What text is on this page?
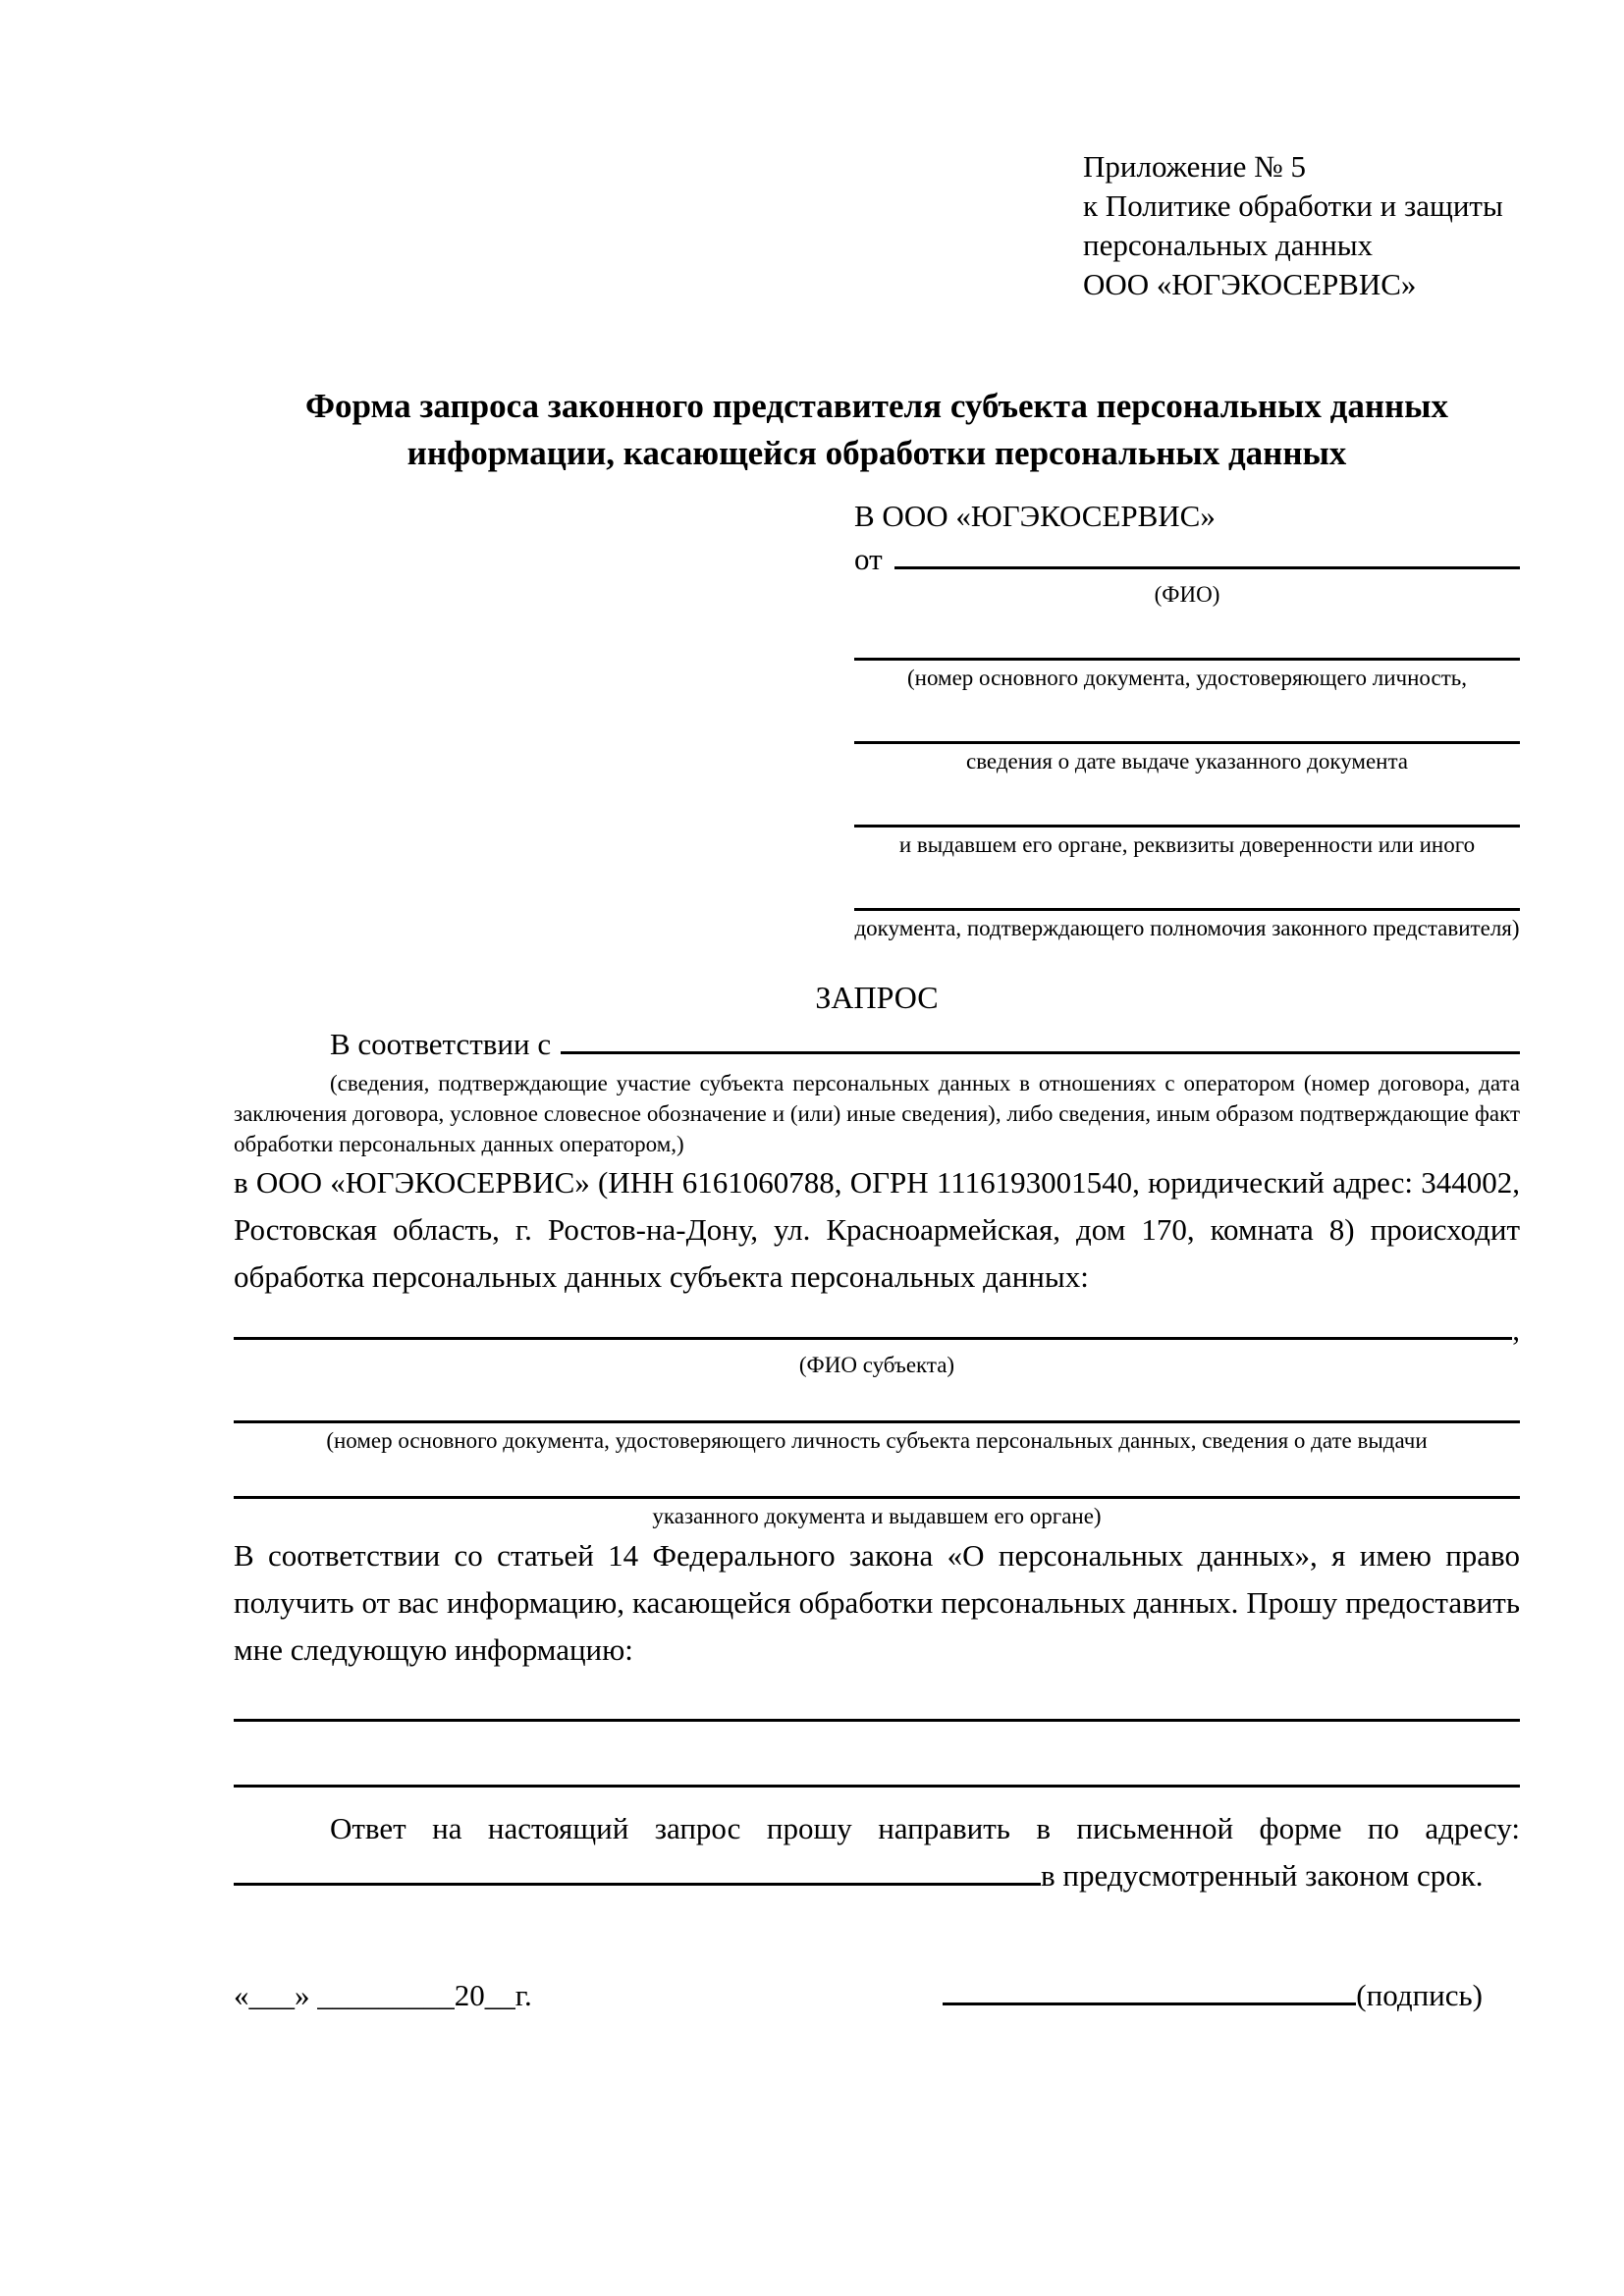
Приложение № 5
к Политике обработки и защиты
персональных данных
ООО «ЮГЭКОСЕРВИС»
Форма запроса законного представителя субъекта персональных данных
информации, касающейся обработки персональных данных
В ООО «ЮГЭКОСЕРВИС»
от
(ФИО)
(номер основного документа, удостоверяющего личность,
сведения о дате выдаче указанного документа
и выдавшем его органе, реквизиты доверенности или иного
документа, подтверждающего полномочия законного представителя)
ЗАПРОС
В соответствии с

(сведения, подтверждающие участие субъекта персональных данных в отношениях с оператором (номер договора, дата заключения договора, условное словесное обозначение и (или) иные сведения), либо сведения, иным образом подтверждающие факт обработки персональных данных оператором,)

в ООО «ЮГЭКОСЕРВИС» (ИНН 6161060788, ОГРН 1116193001540, юридический адрес: 344002, Ростовская область, г. Ростов-на-Дону, ул. Красноармейская, дом 170, комната 8) происходит обработка персональных данных субъекта персональных данных:

,
(ФИО субъекта)
(номер основного документа, удостоверяющего личность субъекта персональных данных, сведения о дате выдачи
указанного документа и выдавшем его органе)

В соответствии со статьей 14 Федерального закона «О персональных данных», я имею право получить от вас информацию, касающейся обработки персональных данных. Прошу предоставить мне следующую информацию:

Ответ на настоящий запрос прошу направить в письменной форме по адресу:

в предусмотренный законом срок.
«___» _________20__г.	(подпись)
